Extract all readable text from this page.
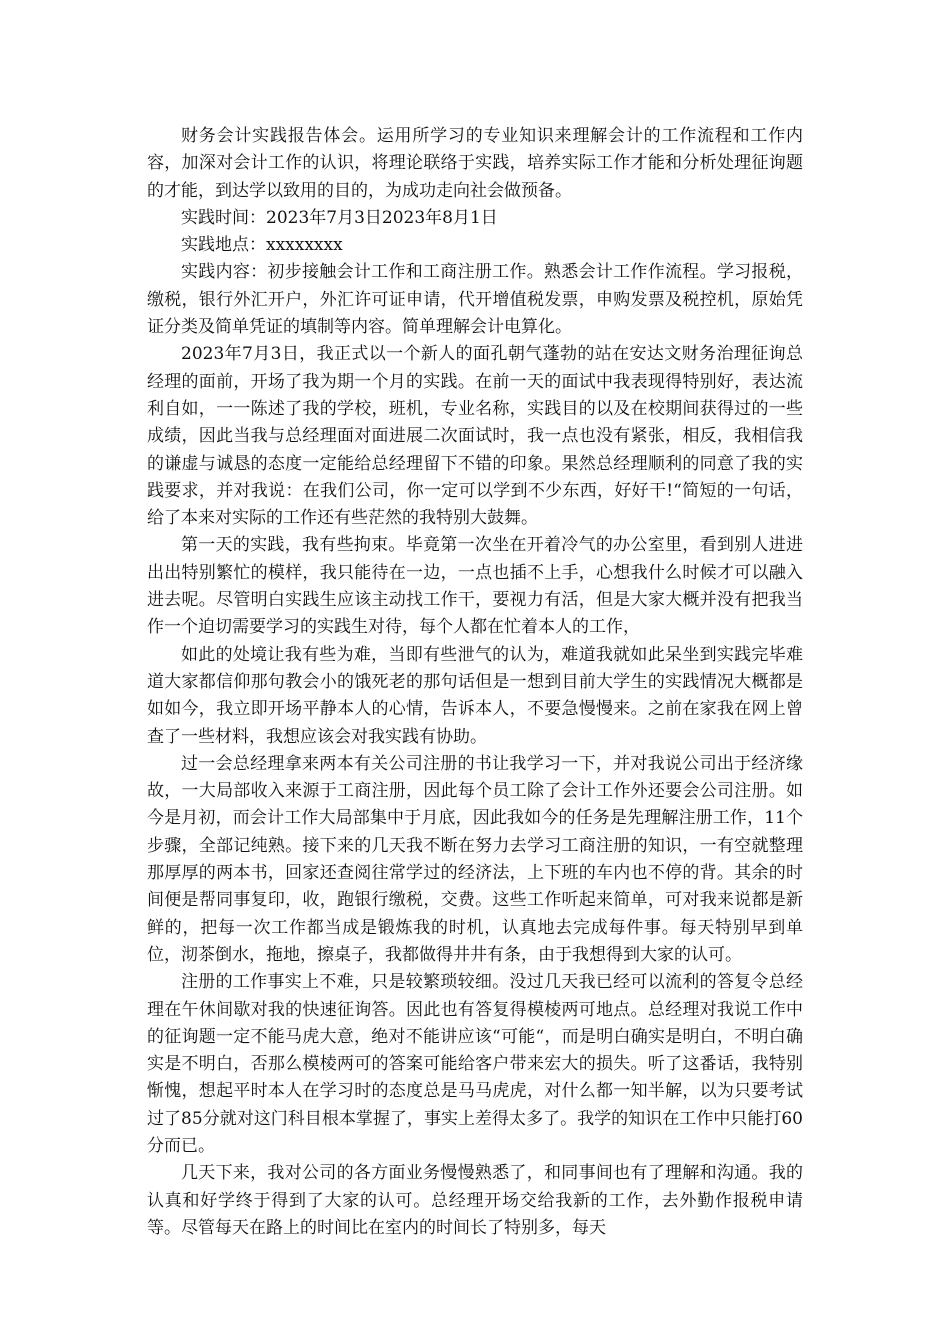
财务会计实践报告体会。运用所学习的专业知识来理解会计的工作流程和工作内容，加深对会计工作的认识，将理论联络于实践，培养实际工作才能和分析处理征询题的才能，到达学以致用的目的，为成功走向社会做预备。

实践时间：2023年7月3日2023年8月1日

实践地点：xxxxxxxx

实践内容：初步接触会计工作和工商注册工作。熟悉会计工作作流程。学习报税，缴税，银行外汇开户，外汇许可证申请，代开增值税发票，申购发票及税控机，原始凭证分类及简单凭证的填制等内容。简单理解会计电算化。

2023年7月3日，我正式以一个新人的面孔朝气蓬勃的站在安达文财务治理征询总经理的面前，开场了我为期一个月的实践。在前一天的面试中我表现得特别好，表达流利自如，一一陈述了我的学校，班机，专业名称，实践目的以及在校期间获得过的一些成绩，因此当我与总经理面对面进展二次面试时，我一点也没有紧张，相反，我相信我的谦虚与诚恳的态度一定能给总经理留下不错的印象。果然总经理顺利的同意了我的实践要求，并对我说：在我们公司，你一定可以学到不少东西，好好干!“简短的一句话，给了本来对实际的工作还有些茫然的我特别大鼓舞。

第一天的实践，我有些拘束。毕竟第一次坐在开着冷气的办公室里，看到别人进进出出特别繁忙的模样，我只能待在一边，一点也插不上手，心想我什么时候才可以融入进去呢。尽管明白实践生应该主动找工作干，要视力有活，但是大家大概并没有把我当作一个迫切需要学习的实践生对待，每个人都在忙着本人的工作，

如此的处境让我有些为难，当即有些泄气的认为，难道我就如此呆坐到实践完毕难道大家都信仰那句教会小的饿死老的那句话但是一想到目前大学生的实践情况大概都是如如今，我立即开场平静本人的心情，告诉本人，不要急慢慢来。之前在家我在网上曾查了一些材料，我想应该会对我实践有协助。

过一会总经理拿来两本有关公司注册的书让我学习一下，并对我说公司出于经济缘故，一大局部收入来源于工商注册，因此每个员工除了会计工作外还要会公司注册。如今是月初，而会计工作大局部集中于月底，因此我如今的任务是先理解注册工作，11个步骤，全部记纯熟。接下来的几天我不断在努力去学习工商注册的知识，一有空就整理那厚厚的两本书，回家还查阅往常学过的经济法，上下班的车内也不停的背。其余的时间便是帮同事复印，收，跑银行缴税，交费。这些工作听起来简单，可对我来说都是新鲜的，把每一次工作都当成是锻炼我的时机，认真地去完成每件事。每天特别早到单位，沏茶倒水，拖地，擦桌子，我都做得井井有条，由于我想得到大家的认可。

注册的工作事实上不难，只是较繁琐较细。没过几天我已经可以流利的答复令总经理在午休间歇对我的快速征询答。因此也有答复得模棱两可地点。总经理对我说工作中的征询题一定不能马虎大意，绝对不能讲应该“可能“，而是明白确实是明白，不明白确实是不明白，否那么模棱两可的答案可能给客户带来宏大的损失。听了这番话，我特别惭愧，想起平时本人在学习时的态度总是马马虎虎，对什么都一知半解，以为只要考试过了85分就对这门科目根本掌握了，事实上差得太多了。我学的知识在工作中只能打60分而已。

几天下来，我对公司的各方面业务慢慢熟悉了，和同事间也有了理解和沟通。我的认真和好学终于得到了大家的认可。总经理开场交给我新的工作，去外勤作报税申请等。尽管每天在路上的时间比在室内的时间长了特别多，每天
